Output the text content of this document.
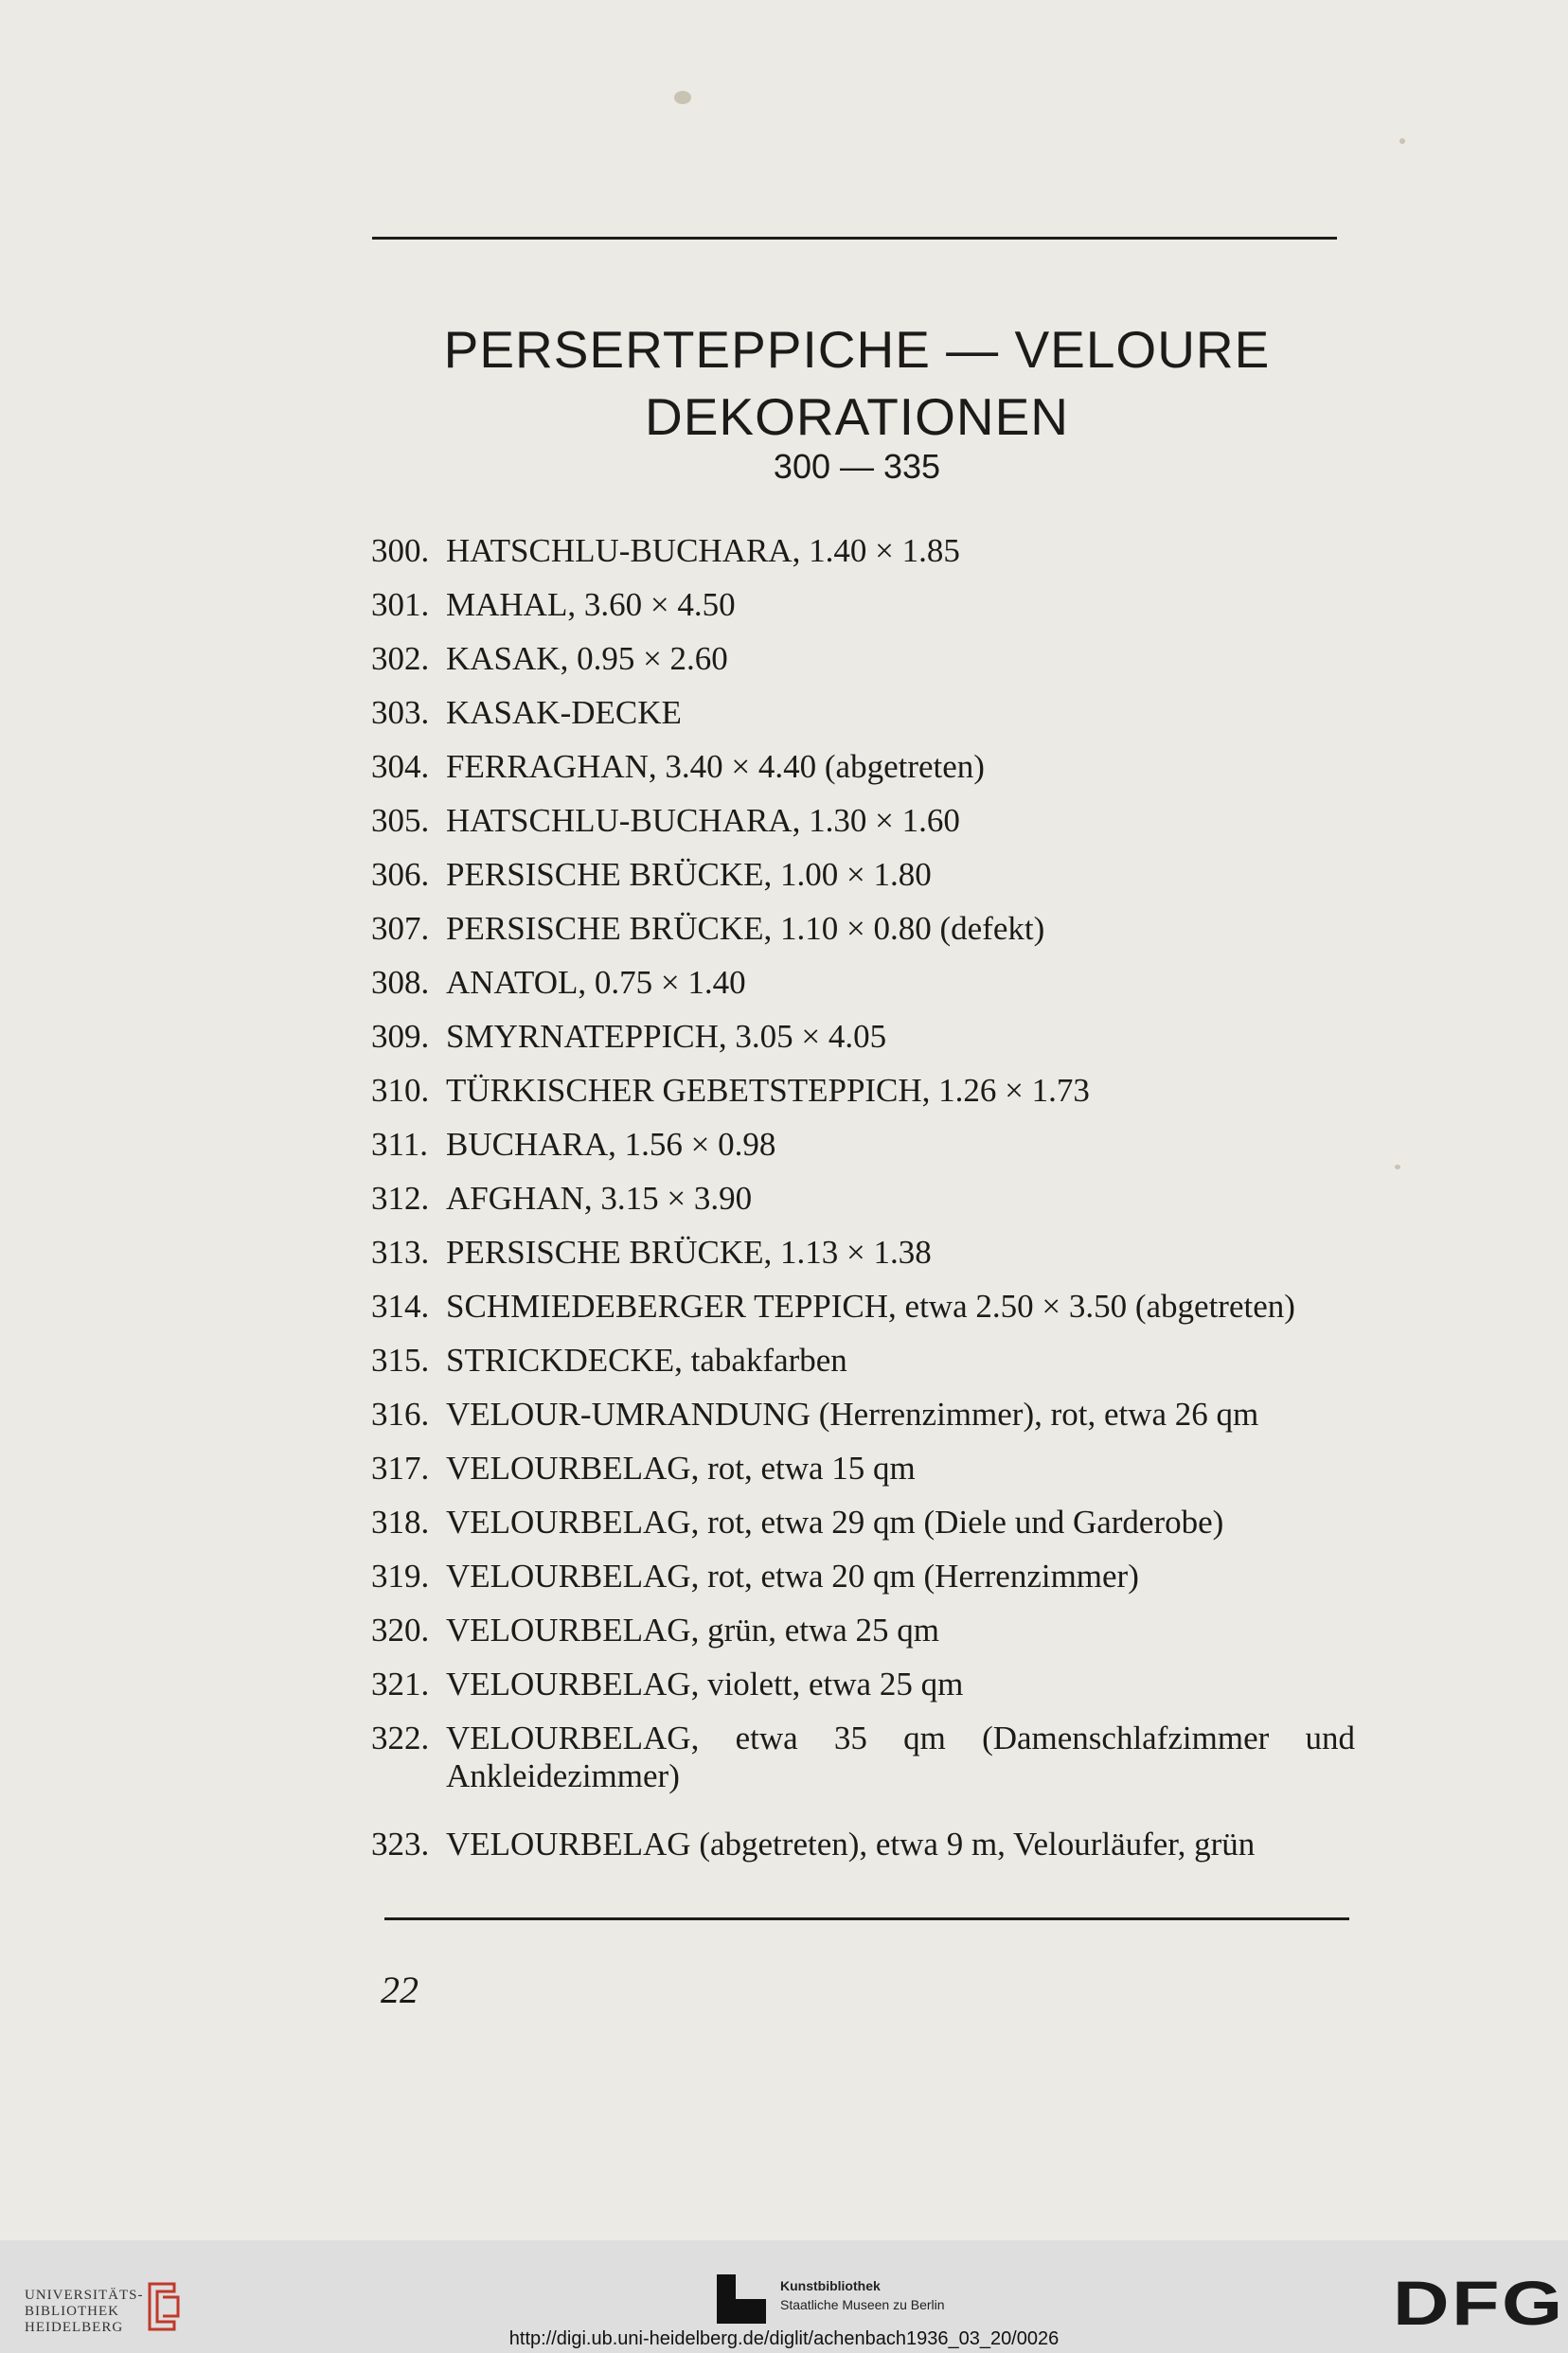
PERSERTEPPICHE — VELOURE
DEKORATIONEN
300 — 335
300. HATSCHLU-BUCHARA, 1.40 × 1.85
301. MAHAL, 3.60 × 4.50
302. KASAK, 0.95 × 2.60
303. KASAK-DECKE
304. FERRAGHAN, 3.40 × 4.40 (abgetreten)
305. HATSCHLU-BUCHARA, 1.30 × 1.60
306. PERSISCHE BRÜCKE, 1.00 × 1.80
307. PERSISCHE BRÜCKE, 1.10 × 0.80 (defekt)
308. ANATOL, 0.75 × 1.40
309. SMYRNATEPPICH, 3.05 × 4.05
310. TÜRKISCHER GEBETSTEPPICH, 1.26 × 1.73
311. BUCHARA, 1.56 × 0.98
312. AFGHAN, 3.15 × 3.90
313. PERSISCHE BRÜCKE, 1.13 × 1.38
314. SCHMIEDEBERGER TEPPICH, etwa 2.50 × 3.50 (abgetreten)
315. STRICKDECKE, tabakfarben
316. VELOUR-UMRANDUNG (Herrenzimmer), rot, etwa 26 qm
317. VELOURBELAG, rot, etwa 15 qm
318. VELOURBELAG, rot, etwa 29 qm (Diele und Garderobe)
319. VELOURBELAG, rot, etwa 20 qm (Herrenzimmer)
320. VELOURBELAG, grün, etwa 25 qm
321. VELOURBELAG, violett, etwa 25 qm
322. VELOURBELAG, etwa 35 qm (Damenschlafzimmer und Ankleidezimmer)
323. VELOURBELAG (abgetreten), etwa 9 m, Velourläufer, grün
22
UNIVERSITÄTS-
BIBLIOTHEK
HEIDELBERG
Kunstbibliothek
Staatliche Museen zu Berlin	DFG
http://digi.ub.uni-heidelberg.de/diglit/achenbach1936_03_20/0026
